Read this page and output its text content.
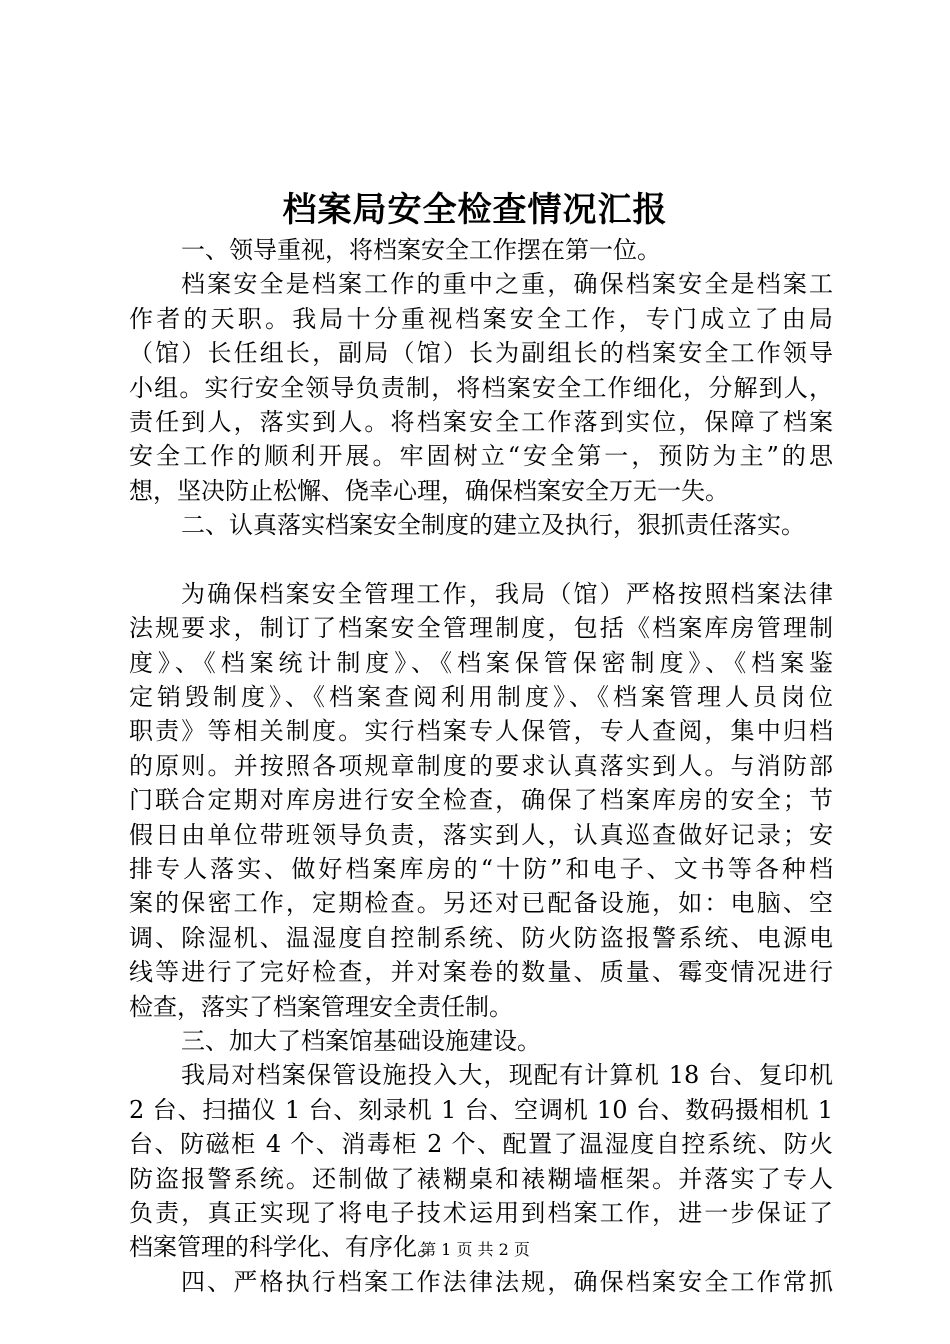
档案局安全检查情况汇报
一、领导重视，将档案安全工作摆在第一位。
档案安全是档案工作的重中之重，确保档案安全是档案工
作者的天职。我局十分重视档案安全工作，专门成立了由局
（馆）长任组长，副局（馆）长为副组长的档案安全工作领导
小组。实行安全领导负责制，将档案安全工作细化，分解到人，
责任到人，落实到人。将档案安全工作落到实位，保障了档案
安全工作的顺利开展。牢固树立“安全第一，预防为主”的思
想，坚决防止松懈、侥幸心理，确保档案安全万无一失。
二、认真落实档案安全制度的建立及执行，狠抓责任落实。
为确保档案安全管理工作，我局（馆）严格按照档案法律
法规要求，制订了档案安全管理制度，包括《档案库房管理制
度》、《档案统计制度》、《档案保管保密制度》、《档案鉴
定销毁制度》、《档案查阅利用制度》、《档案管理人员岗位
职责》等相关制度。实行档案专人保管，专人查阅，集中归档
的原则。并按照各项规章制度的要求认真落实到人。与消防部
门联合定期对库房进行安全检查，确保了档案库房的安全；节
假日由单位带班领导负责，落实到人，认真巡查做好记录；安
排专人落实、做好档案库房的“十防”和电子、文书等各种档
案的保密工作，定期检查。另还对已配备设施，如：电脑、空
调、除湿机、温湿度自控制系统、防火防盗报警系统、电源电
线等进行了完好检查，并对案卷的数量、质量、霉变情况进行
检查，落实了档案管理安全责任制。
三、加大了档案馆基础设施建设。
我局对档案保管设施投入大，现配有计算机 18 台、复印机
2 台、扫描仪 1 台、刻录机 1 台、空调机 10 台、数码摄相机 1
台、防磁柜 4 个、消毒柜 2 个、配置了温湿度自控系统、防火
防盗报警系统。还制做了裱糊桌和裱糊墙框架。并落实了专人
负责，真正实现了将电子技术运用到档案工作，进一步保证了
档案管理的科学化、有序化。
四、严格执行档案工作法律法规，确保档案安全工作常抓
第 1 页 共 2 页
